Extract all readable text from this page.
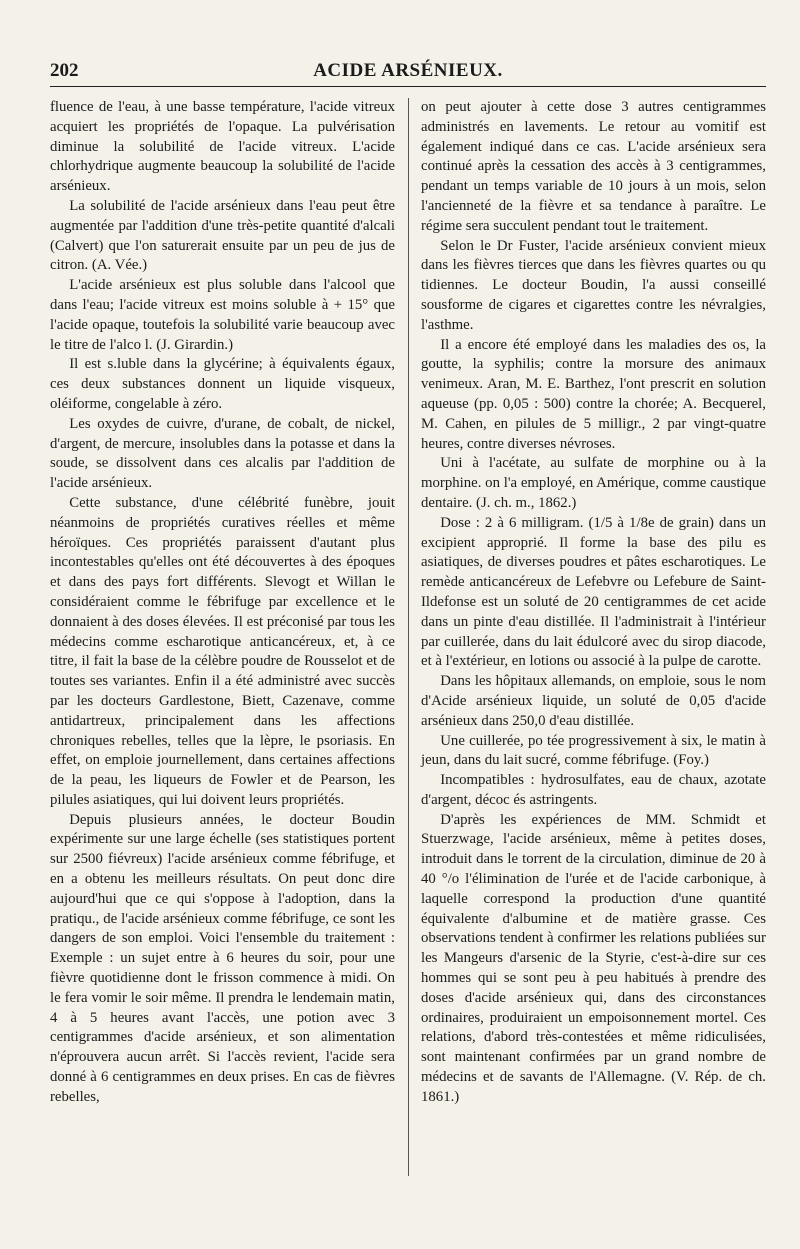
202	ACIDE ARSÉNIEUX.

fluence de l'eau, à une basse température, l'acide vitreux acquiert les propriétés de l'opaque. La pulvérisation diminue la solubilité de l'acide vitreux. L'acide chlorhydrique augmente beaucoup la solubilité de l'acide arsénieux.

La solubilité de l'acide arsénieux dans l'eau peut être augmentée par l'addition d'une très-petite quantité d'alcali (Calvert) que l'on saturerait ensuite par un peu de jus de citron. (A. Vée.)

L'acide arsénieux est plus soluble dans l'alcool que dans l'eau; l'acide vitreux est moins soluble à + 15° que l'acide opaque, toutefois la solubilité varie beaucoup avec le titre de l'alco l. (J. Girardin.)

Il est s.luble dans la glycérine; à équivalents égaux, ces deux substances donnent un liquide visqueux, oléiforme, congelable à zéro.

Les oxydes de cuivre, d'urane, de cobalt, de nickel, d'argent, de mercure, insolubles dans la potasse et dans la soude, se dissolvent dans ces alcalis par l'addition de l'acide arsénieux.

Cette substance, d'une célébrité funèbre, jouit néanmoins de propriétés curatives réelles et même héroïques. Ces propriétés paraissent d'autant plus incontestables qu'elles ont été découvertes à des époques et dans des pays fort différents. Slevogt et Willan le considéraient comme le fébrifuge par excellence et le donnaient à des doses élevées. Il est préconisé par tous les médecins comme escharotique anticancéreux, et, à ce titre, il fait la base de la célèbre poudre de Rousselot et de toutes ses variantes. Enfin il a été administré avec succès par les docteurs Gardlestone, Biett, Cazenave, comme antidartreux, principalement dans les affections chroniques rebelles, telles que la lèpre, le psoriasis. En effet, on emploie journellement, dans certaines affections de la peau, les liqueurs de Fowler et de Pearson, les pilules asiatiques, qui lui doivent leurs propriétés.

Depuis plusieurs années, le docteur Boudin expérimente sur une large échelle (ses statistiques portent sur 2500 fiévreux) l'acide arsénieux comme fébrifuge, et en a obtenu les meilleurs résultats. On peut donc dire aujourd'hui que ce qui s'oppose à l'adoption, dans la pratiqu., de l'acide arsénieux comme fébrifuge, ce sont les dangers de son emploi. Voici l'ensemble du traitement : Exemple : un sujet entre à 6 heures du soir, pour une fièvre quotidienne dont le frisson commence à midi. On le fera vomir le soir même. Il prendra le lendemain matin, 4 à 5 heures avant l'accès, une potion avec 3 centigrammes d'acide arsénieux, et son alimentation n'éprouvera aucun arrêt. Si l'accès revient, l'acide sera donné à 6 centigrammes en deux prises. En cas de fièvres rebelles,

on peut ajouter à cette dose 3 autres centigrammes administrés en lavements. Le retour au vomitif est également indiqué dans ce cas. L'acide arsénieux sera continué après la cessation des accès à 3 centigrammes, pendant un temps variable de 10 jours à un mois, selon l'ancienneté de la fièvre et sa tendance à paraître. Le régime sera succulent pendant tout le traitement.

Selon le Dr Fuster, l'acide arsénieux convient mieux dans les fièvres tierces que dans les fièvres quartes ou qu tidiennes. Le docteur Boudin, l'a aussi conseillé sousforme de cigares et cigarettes contre les névralgies, l'asthme.

Il a encore été employé dans les maladies des os, la goutte, la syphilis; contre la morsure des animaux venimeux. Aran, M. E. Barthez, l'ont prescrit en solution aqueuse (pp. 0,05 : 500) contre la chorée; A. Becquerel, M. Cahen, en pilules de 5 milligr., 2 par vingt-quatre heures, contre diverses névroses.

Uni à l'acétate, au sulfate de morphine ou à la morphine. on l'a employé, en Amérique, comme caustique dentaire. (J. ch. m., 1862.)

Dose : 2 à 6 milligram. (1/5 à 1/8e de grain) dans un excipient approprié. Il forme la base des pilu es asiatiques, de diverses poudres et pâtes escharotiques. Le remède anticancéreux de Lefebvre ou Lefebure de Saint-Ildefonse est un soluté de 20 centigrammes de cet acide dans un pinte d'eau distillée. Il l'administrait à l'intérieur par cuillerée, dans du lait édulcoré avec du sirop diacode, et à l'extérieur, en lotions ou associé à la pulpe de carotte.

Dans les hôpitaux allemands, on emploie, sous le nom d'Acide arsénieux liquide, un soluté de 0,05 d'acide arsénieux dans 250,0 d'eau distillée.

Une cuillerée, po tée progressivement à six, le matin à jeun, dans du lait sucré, comme fébrifuge. (Foy.)

Incompatibles : hydrosulfates, eau de chaux, azotate d'argent, décoc és astringents.

D'après les expériences de MM. Schmidt et Stuerzwage, l'acide arsénieux, même à petites doses, introduit dans le torrent de la circulation, diminue de 20 à 40 °/o l'élimination de l'urée et de l'acide carbonique, à laquelle correspond la production d'une quantité équivalente d'albumine et de matière grasse. Ces observations tendent à confirmer les relations publiées sur les Mangeurs d'arsenic de la Styrie, c'est-à-dire sur ces hommes qui se sont peu à peu habitués à prendre des doses d'acide arsénieux qui, dans des circonstances ordinaires, produiraient un empoisonnement mortel. Ces relations, d'abord très-contestées et même ridiculisées, sont maintenant confirmées par un grand nombre de médecins et de savants de l'Allemagne. (V. Rép. de ch. 1861.)
